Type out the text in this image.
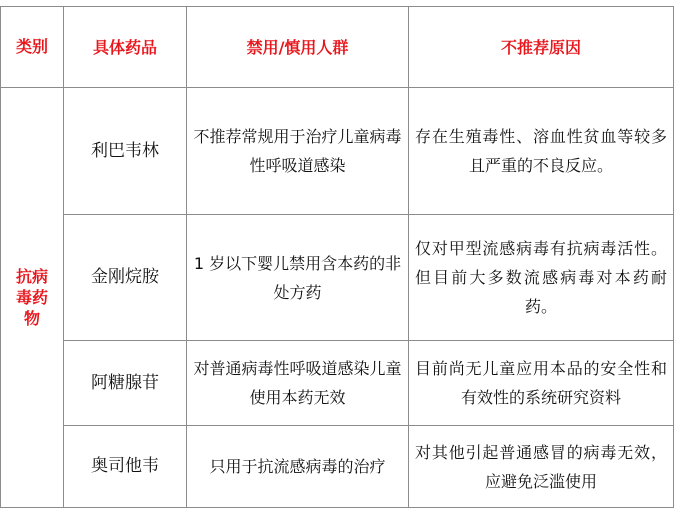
类别	具体药品	禁用/慎用人群	不推荐原因
抗病毒药物	利巴韦林	不推荐常规用于治疗儿童病毒性呼吸道感染	存在生殖毒性、溶血性贫血等较多且严重的不良反应。
	金刚烷胺	1 岁以下婴儿禁用含本药的非处方药	仅对甲型流感病毒有抗病毒活性。但目前大多数流感病毒对本药耐药。
	阿糖腺苷	对普通病毒性呼吸道感染儿童使用本药无效	目前尚无儿童应用本品的安全性和有效性的系统研究资料
	奥司他韦	只用于抗流感病毒的治疗	对其他引起普通感冒的病毒无效，应避免泛滥使用
